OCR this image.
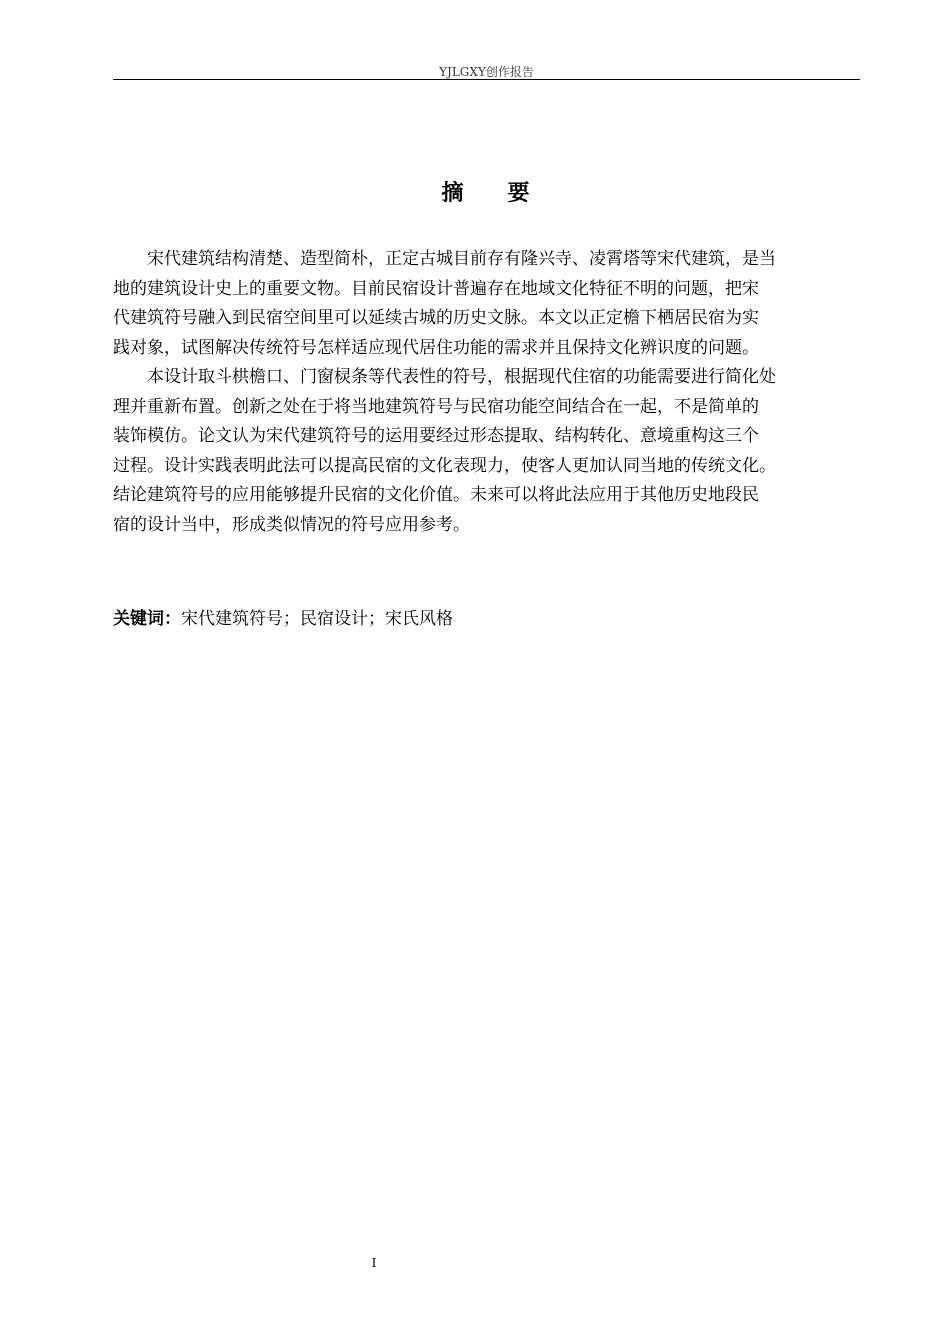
YJLGXY创作报告
摘 要
宋代建筑结构清楚、造型简朴，正定古城目前存有隆兴寺、凌霄塔等宋代建筑，是当
地的建筑设计史上的重要文物。目前民宿设计普遍存在地域文化特征不明的问题，把宋
代建筑符号融入到民宿空间里可以延续古城的历史文脉。本文以正定檐下栖居民宿为实
践对象，试图解决传统符号怎样适应现代居住功能的需求并且保持文化辨识度的问题。
本设计取斗栱檐口、门窗棂条等代表性的符号，根据现代住宿的功能需要进行简化处
理并重新布置。创新之处在于将当地建筑符号与民宿功能空间结合在一起，不是简单的
装饰模仿。论文认为宋代建筑符号的运用要经过形态提取、结构转化、意境重构这三个
过程。设计实践表明此法可以提高民宿的文化表现力，使客人更加认同当地的传统文化。
结论建筑符号的应用能够提升民宿的文化价值。未来可以将此法应用于其他历史地段民
宿的设计当中，形成类似情况的符号应用参考。
关键词：宋代建筑符号；民宿设计；宋氏风格
I
